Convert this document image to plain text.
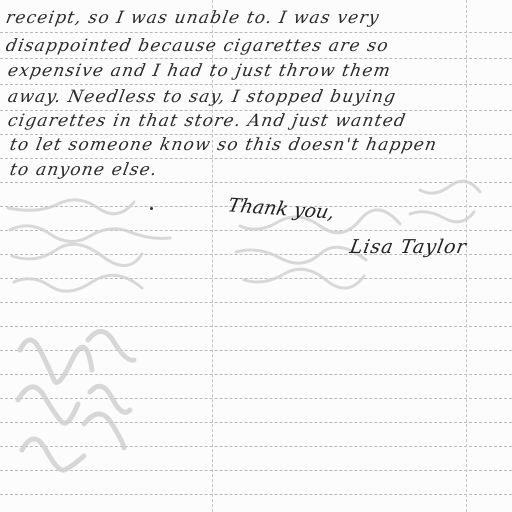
receipt, so I was unable to. I was very
disappointed because cigarettes are so
expensive and I had to just throw them
away. Needless to say, I stopped buying
cigarettes in that store. And just wanted
to let someone know so this doesn't happen
to anyone else.
Thank you,
Lisa Taylor
